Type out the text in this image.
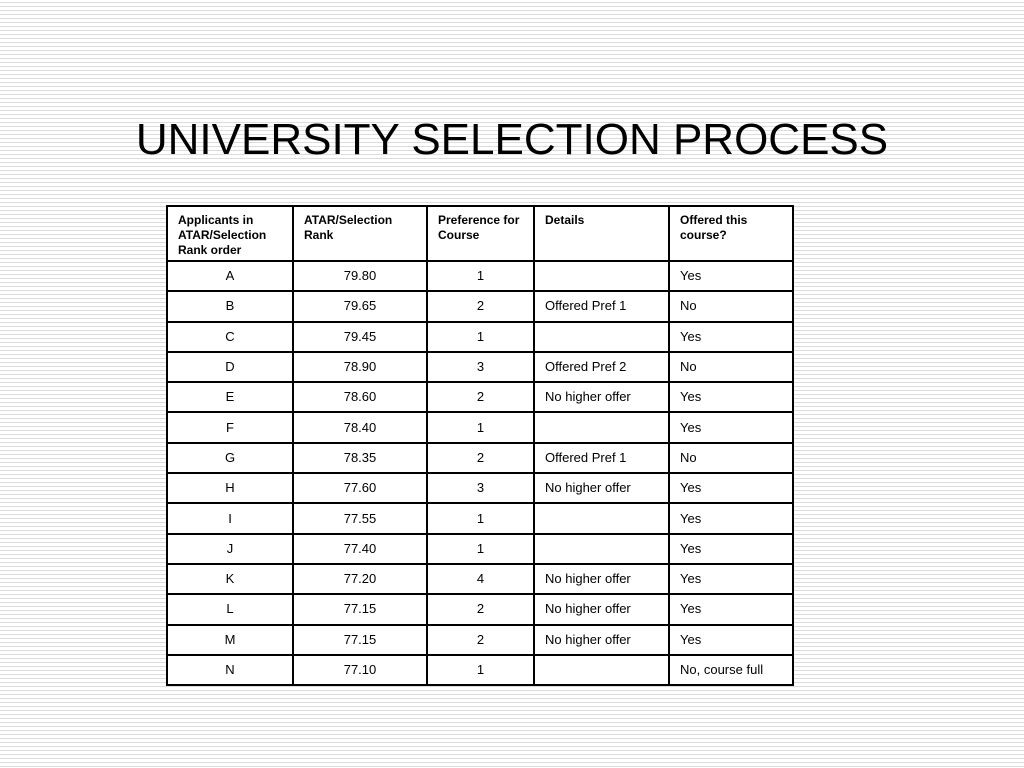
UNIVERSITY SELECTION PROCESS
Applicants in ATAR/Selection Rank order	ATAR/Selection Rank	Preference for Course	Details	Offered this course?
A	79.80	1		Yes
B	79.65	2	Offered Pref 1	No
C	79.45	1		Yes
D	78.90	3	Offered Pref 2	No
E	78.60	2	No higher offer	Yes
F	78.40	1		Yes
G	78.35	2	Offered Pref 1	No
H	77.60	3	No higher offer	Yes
I	77.55	1		Yes
J	77.40	1		Yes
K	77.20	4	No higher offer	Yes
L	77.15	2	No higher offer	Yes
M	77.15	2	No higher offer	Yes
N	77.10	1		No, course full
